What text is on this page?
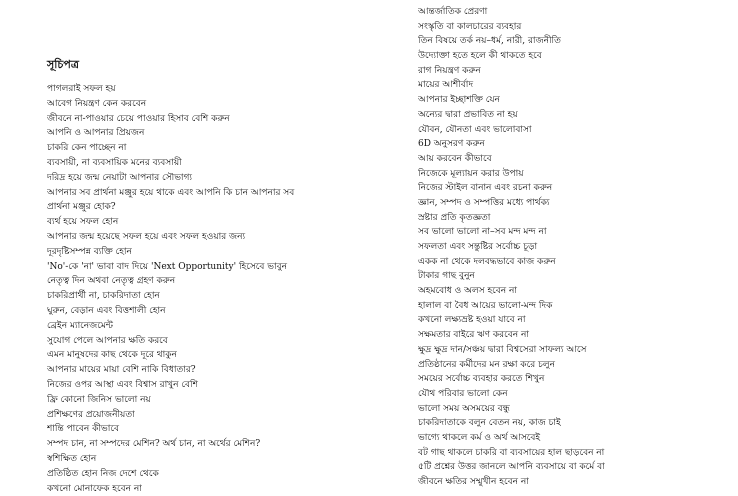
সূচিপত্র
পাগলরাই সফল হয়
আবেগ নিয়ন্ত্রণ কেন করবেন
জীবনে না-পাওয়ার চেয়ে পাওয়ার হিসাব বেশি করুন
আপনি ও আপনার প্রিয়জন
চাকরি কেন পাচ্ছেন না
ব্যবসায়ী, না ব্যবসায়িক মনের ব্যবসায়ী
দরিদ্র হয়ে জন্ম নেয়াটা আপনার সৌভাগ্য
আপনার সব প্রার্থনা মঞ্জুর হয়ে থাকে এবং আপনি কি চান আপনার সব
প্রার্থনা মঞ্জুর হোক?
ব্যর্থ হয়ে সফল হোন
আপনার জন্ম হয়েছে সফল হয়ে এবং সফল হওয়ার জন্য
দূরদৃষ্টিসম্পন্ন ব্যক্তি হোন
'No'-কে 'না' ভাবা বাদ দিয়ে 'Next Opportunity' হিসেবে ভাবুন
নেতৃত্ব দিন অথবা নেতৃত্ব গ্রহণ করুন
চাকরিপ্রার্থী না, চাকরিদাতা হোন
ঘুরুন, বেড়ান এবং বিত্তশালী হোন
ব্রেইন ম্যানেজমেন্ট
সুযোগ পেলে আপনার ক্ষতি করবে
এমন মানুষদের কাছ থেকে দূরে থাকুন
আপনার মায়ের মায়া বেশি নাকি বিধাতার?
নিজের ওপর আস্থা এবং বিশ্বাস রাখুন বেশি
ফ্রি কোনো জিনিস ভালো নয়
প্রশিক্ষণের প্রয়োজনীয়তা
শান্তি পাবেন কীভাবে
সম্পদ চান, না সম্পদের মেশিন? অর্থ চান, না অর্থের মেশিন?
স্বশিক্ষিত হোন
প্রতিষ্ঠিত হোন নিজ দেশে থেকে
কখনো মোনাফেক হবেন না
আন্তর্জাতিক প্রেরণা
সংস্কৃতি বা কালচারের ব্যবহার
তিন বিষয়ে তর্ক নয়–ধর্ম, নারী, রাজনীতি
উদ্যোক্তা হতে হলে কী থাকতে হবে
রাগ নিয়ন্ত্রণ করুন
মায়ের আশীর্বাদ
আপনার ইচ্ছাশক্তি যেন
অন্যের দ্বারা প্রভাবিত না হয়
যৌবন, যৌনতা এবং ভালোবাসা
6D অনুসরণ করুন
আয় করবেন কীভাবে
নিজেকে মূল্যায়ন করার উপায়
নিজের স্টাইল বানান এবং রচনা করুন
জ্ঞান, সম্পদ ও সম্পত্তির মধ্যে পার্থক্য
স্রষ্টার প্রতি কৃতজ্ঞতা
সব ভালো ভালো না–সব মন্দ মন্দ না
সফলতা এবং সন্তুষ্টির সর্বোচ্চ চূড়া
একক না থেকে দলবদ্ধভাবে কাজ করুন
টাকার গাছ বুনুন
অহমবোধ ও অলস হবেন না
হালাল বা বৈধ আয়ের ভালো-মন্দ দিক
কখনো লক্ষ্যভ্রষ্ট হওয়া যাবে না
সক্ষমতার বাইরে ঋণ করবেন না
ক্ষুদ্র ক্ষুদ্র দান/সঞ্চয় দ্বারা বিশ্বসেরা সাফল্য আসে
প্রতিষ্ঠানের কর্মীদের মন রক্ষা করে চলুন
সময়ের সর্বোচ্চ ব্যবহার করতে শিখুন
যৌথ পরিবার ভালো কেন
ভালো সময় অসময়ের বন্ধু
চাকরিদাতাকে বলুন বেতন নয়, কাজ চাই
ভাগ্যে থাকলে কর্ম ও অর্থ আসবেই
বট গাছ থাকলে চাকরি বা ব্যবসায়ের হাল ছাড়বেন না
৫টি প্রশ্নের উত্তর জানলে আপনি ব্যবসায়ে বা কর্মে বা
জীবনে ক্ষতির সম্মুখীন হবেন না
